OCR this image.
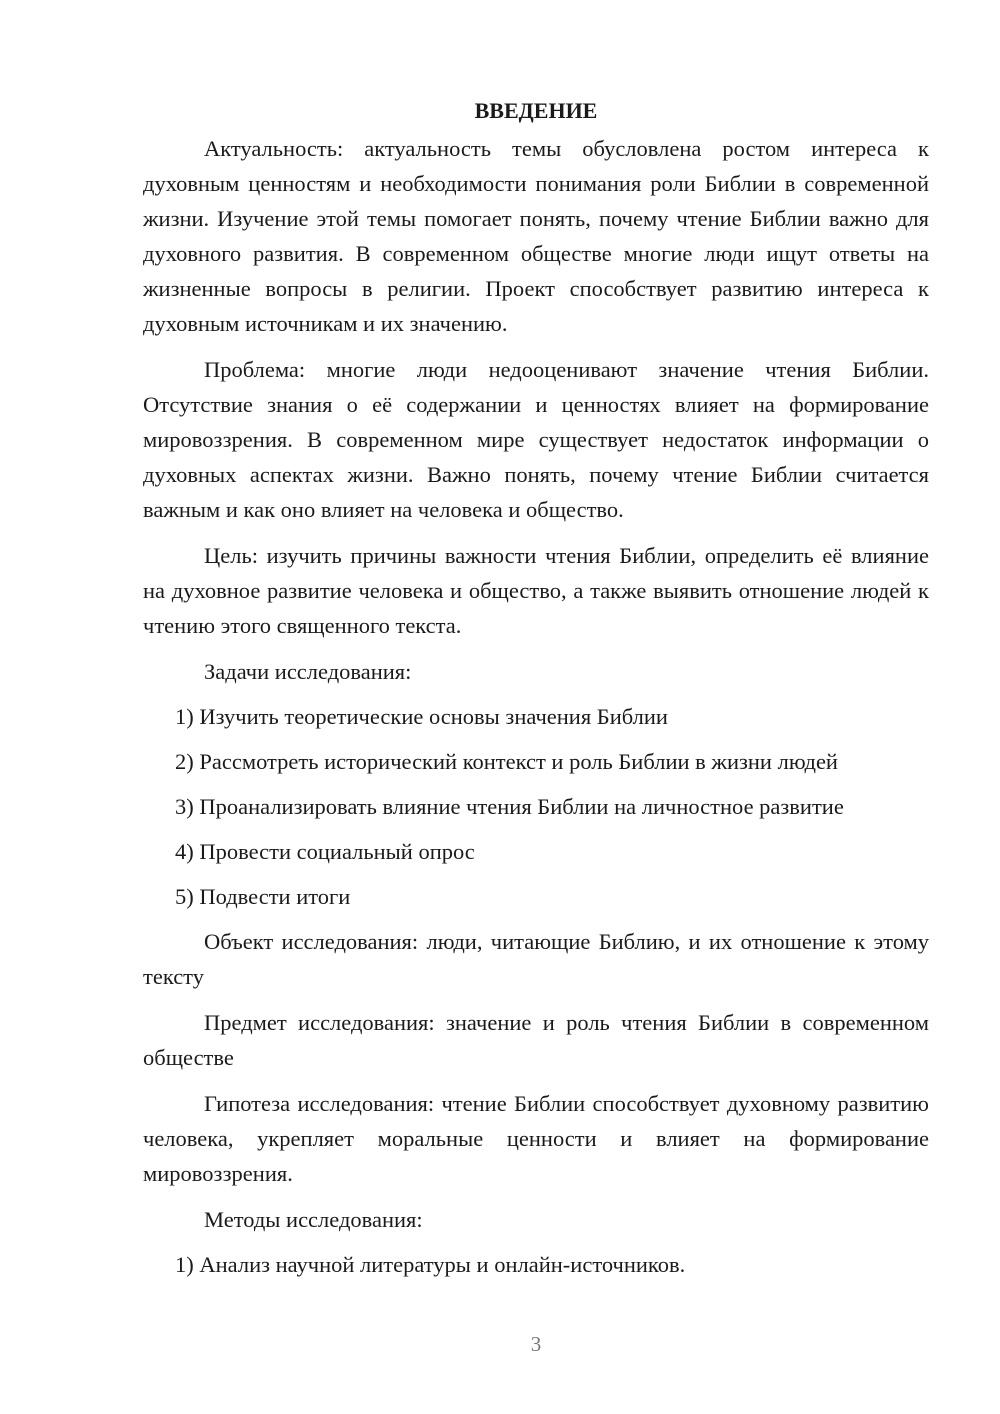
ВВЕДЕНИЕ

Актуальность: актуальность темы обусловлена ростом интереса к духовным ценностям и необходимости понимания роли Библии в современной жизни. Изучение этой темы помогает понять, почему чтение Библии важно для духовного развития. В современном обществе многие люди ищут ответы на жизненные вопросы в религии. Проект способствует развитию интереса к духовным источникам и их значению.

Проблема: многие люди недооценивают значение чтения Библии. Отсутствие знания о её содержании и ценностях влияет на формирование мировоззрения. В современном мире существует недостаток информации о духовных аспектах жизни. Важно понять, почему чтение Библии считается важным и как оно влияет на человека и общество.

Цель: изучить причины важности чтения Библии, определить её влияние на духовное развитие человека и общество, а также выявить отношение людей к чтению этого священного текста.

Задачи исследования:

1) Изучить теоретические основы значения Библии

2) Рассмотреть исторический контекст и роль Библии в жизни людей

3) Проанализировать влияние чтения Библии на личностное развитие

4) Провести социальный опрос

5) Подвести итоги

Объект исследования: люди, читающие Библию, и их отношение к этому тексту

Предмет исследования: значение и роль чтения Библии в современном обществе

Гипотеза исследования: чтение Библии способствует духовному развитию человека, укрепляет моральные ценности и влияет на формирование мировоззрения.

Методы исследования:

1) Анализ научной литературы и онлайн-источников.

3
